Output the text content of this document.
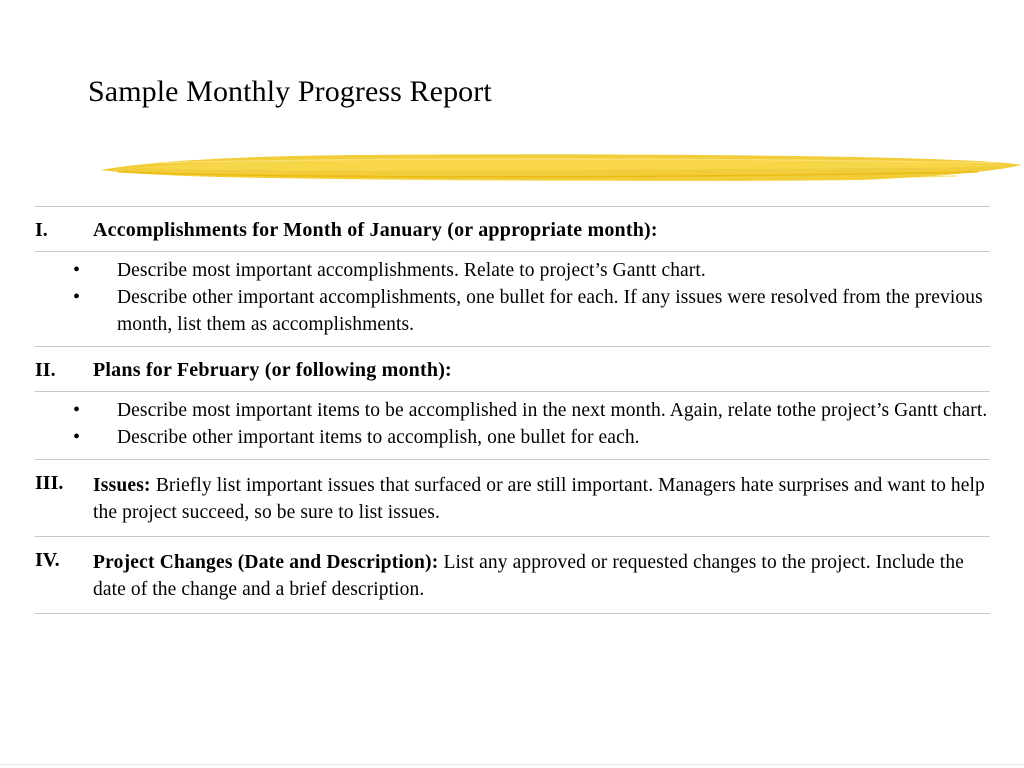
Sample Monthly Progress Report
I. Accomplishments for Month of January (or appropriate month):
• Describe most important accomplishments. Relate to project’s Gantt chart.
• Describe other important accomplishments, one bullet for each. If any issues were resolved from the previous month, list them as accomplishments.
II. Plans for February (or following month):
• Describe most important items to be accomplished in the next month. Again, relate tothe project’s Gantt chart.
• Describe other important items to accomplish, one bullet for each.
III. Issues: Briefly list important issues that surfaced or are still important. Managers hate surprises and want to help the project succeed, so be sure to list issues.
IV. Project Changes (Date and Description): List any approved or requested changes to the project. Include the date of the change and a brief description.
